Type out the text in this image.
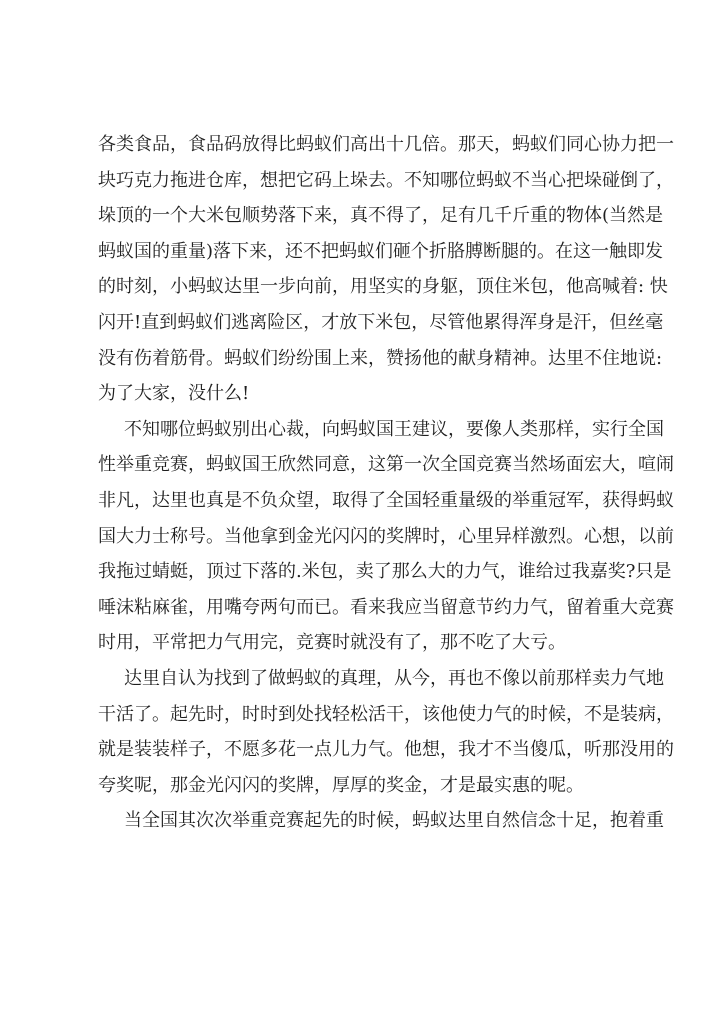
各类食品，食品码放得比蚂蚁们高出十几倍。那天，蚂蚁们同心协力把一
块巧克力拖进仓库，想把它码上垛去。不知哪位蚂蚁不当心把垛碰倒了，
垛顶的一个大米包顺势落下来，真不得了，足有几千斤重的物体(当然是
蚂蚁国的重量)落下来，还不把蚂蚁们砸个折胳膊断腿的。在这一触即发
的时刻，小蚂蚁达里一步向前，用坚实的身躯，顶住米包，他高喊着: 快
闪开!直到蚂蚁们逃离险区，才放下米包，尽管他累得浑身是汗，但丝毫
没有伤着筋骨。蚂蚁们纷纷围上来，赞扬他的献身精神。达里不住地说:
为了大家，没什么!
不知哪位蚂蚁别出心裁，向蚂蚁国王建议，要像人类那样，实行全国
性举重竞赛，蚂蚁国王欣然同意，这第一次全国竞赛当然场面宏大，喧闹
非凡，达里也真是不负众望，取得了全国轻重量级的举重冠军，获得蚂蚁
国大力士称号。当他拿到金光闪闪的奖牌时，心里异样激烈。心想，以前
我拖过蜻蜓，顶过下落的.米包，卖了那么大的力气，谁给过我嘉奖?只是
唾沫粘麻雀，用嘴夸两句而已。看来我应当留意节约力气，留着重大竞赛
时用，平常把力气用完，竞赛时就没有了，那不吃了大亏。
达里自认为找到了做蚂蚁的真理，从今，再也不像以前那样卖力气地
干活了。起先时，时时到处找轻松活干，该他使力气的时候，不是装病，
就是装装样子，不愿多花一点儿力气。他想，我才不当傻瓜，听那没用的
夸奖呢，那金光闪闪的奖牌，厚厚的奖金，才是最实惠的呢。
当全国其次次举重竞赛起先的时候，蚂蚁达里自然信念十足，抱着重
